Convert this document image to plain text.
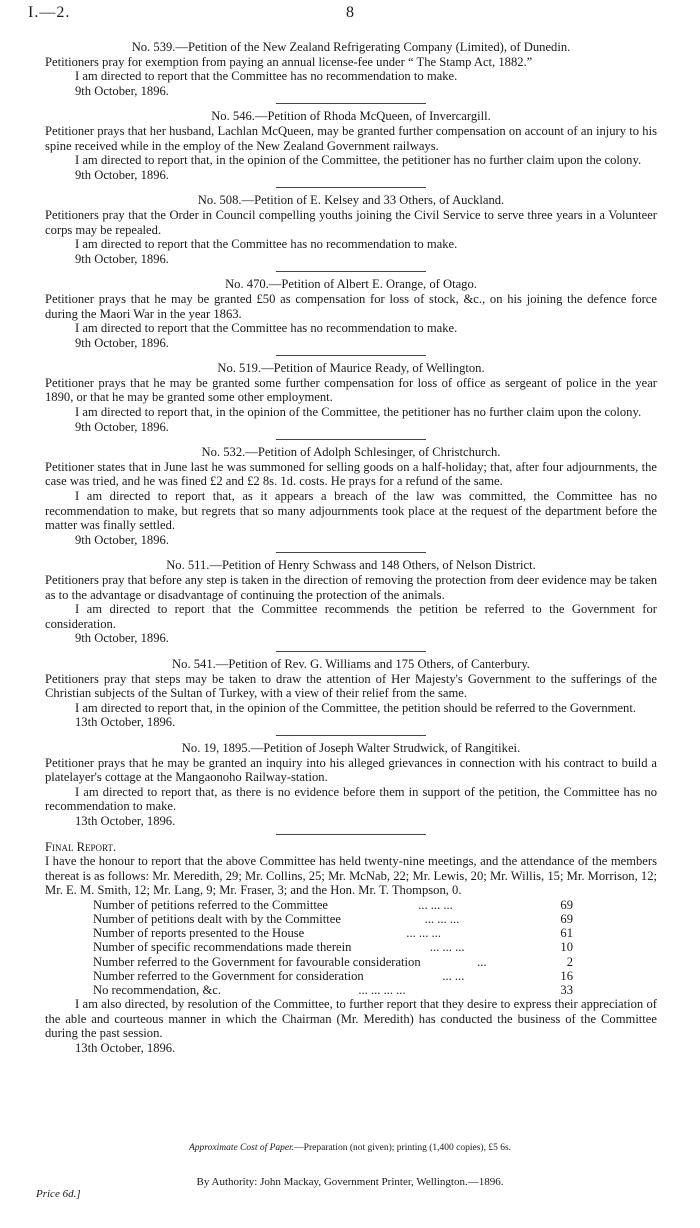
I.—2.	8

No. 539.—Petition of the New Zealand Refrigerating Company (Limited), of Dunedin.

Petitioners pray for exemption from paying an annual license-fee under “ The Stamp Act, 1882.”

I am directed to report that the Committee has no recommendation to make.

9th October, 1896.

No. 546.—Petition of Rhoda McQueen, of Invercargill.

Petitioner prays that her husband, Lachlan McQueen, may be granted further compensation on account of an injury to his spine received while in the employ of the New Zealand Government railways.

I am directed to report that, in the opinion of the Committee, the petitioner has no further claim upon the colony.

9th October, 1896.

No. 508.—Petition of E. Kelsey and 33 Others, of Auckland.

Petitioners pray that the Order in Council compelling youths joining the Civil Service to serve three years in a Volunteer corps may be repealed.

I am directed to report that the Committee has no recommendation to make.

9th October, 1896.

No. 470.—Petition of Albert E. Orange, of Otago.

Petitioner prays that he may be granted £50 as compensation for loss of stock, &c., on his joining the defence force during the Maori War in the year 1863.

I am directed to report that the Committee has no recommendation to make.

9th October, 1896.

No. 519.—Petition of Maurice Ready, of Wellington.

Petitioner prays that he may be granted some further compensation for loss of office as sergeant of police in the year 1890, or that he may be granted some other employment.

I am directed to report that, in the opinion of the Committee, the petitioner has no further claim upon the colony.

9th October, 1896.

No. 532.—Petition of Adolph Schlesinger, of Christchurch.

Petitioner states that in June last he was summoned for selling goods on a half-holiday; that, after four adjournments, the case was tried, and he was fined £2 and £2 8s. 1d. costs. He prays for a refund of the same.

I am directed to report that, as it appears a breach of the law was committed, the Committee has no recommendation to make, but regrets that so many adjournments took place at the request of the department before the matter was finally settled.

9th October, 1896.

No. 511.—Petition of Henry Schwass and 148 Others, of Nelson District.

Petitioners pray that before any step is taken in the direction of removing the protection from deer evidence may be taken as to the advantage or disadvantage of continuing the protection of the animals.

I am directed to report that the Committee recommends the petition be referred to the Government for consideration.

9th October, 1896.

No. 541.—Petition of Rev. G. Williams and 175 Others, of Canterbury.

Petitioners pray that steps may be taken to draw the attention of Her Majesty's Government to the sufferings of the Christian subjects of the Sultan of Turkey, with a view of their relief from the same.

I am directed to report that, in the opinion of the Committee, the petition should be referred to the Government.

13th October, 1896.

No. 19, 1895.—Petition of Joseph Walter Strudwick, of Rangitikei.

Petitioner prays that he may be granted an inquiry into his alleged grievances in connection with his contract to build a platelayer's cottage at the Mangaonoho Railway-station.

I am directed to report that, as there is no evidence before them in support of the petition, the Committee has no recommendation to make.

13th October, 1896.

Final Report.

I have the honour to report that the above Committee has held twenty-nine meetings, and the attendance of the members thereat is as follows: Mr. Meredith, 29; Mr. Collins, 25; Mr. McNab, 22; Mr. Lewis, 20; Mr. Willis, 15; Mr. Morrison, 12; Mr. E. M. Smith, 12; Mr. Lang, 9; Mr. Fraser, 3; and the Hon. Mr. T. Thompson, 0.

Number of petitions referred to the Committee	... ... ...	69
Number of petitions dealt with by the Committee	... ... ...	69
Number of reports presented to the House	... ... ...	61
Number of specific recommendations made therein	... ... ...	10
Number referred to the Government for favourable consideration	...	2
Number referred to the Government for consideration	... ...	16
No recommendation, &c.	... ... ... ...	33

I am also directed, by resolution of the Committee, to further report that they desire to express their appreciation of the able and courteous manner in which the Chairman (Mr. Meredith) has conducted the business of the Committee during the past session.

13th October, 1896.

Approximate Cost of Paper.—Preparation (not given); printing (1,400 copies), £5 6s.
By Authority: John Mackay, Government Printer, Wellington.—1896.
Price 6d.]
